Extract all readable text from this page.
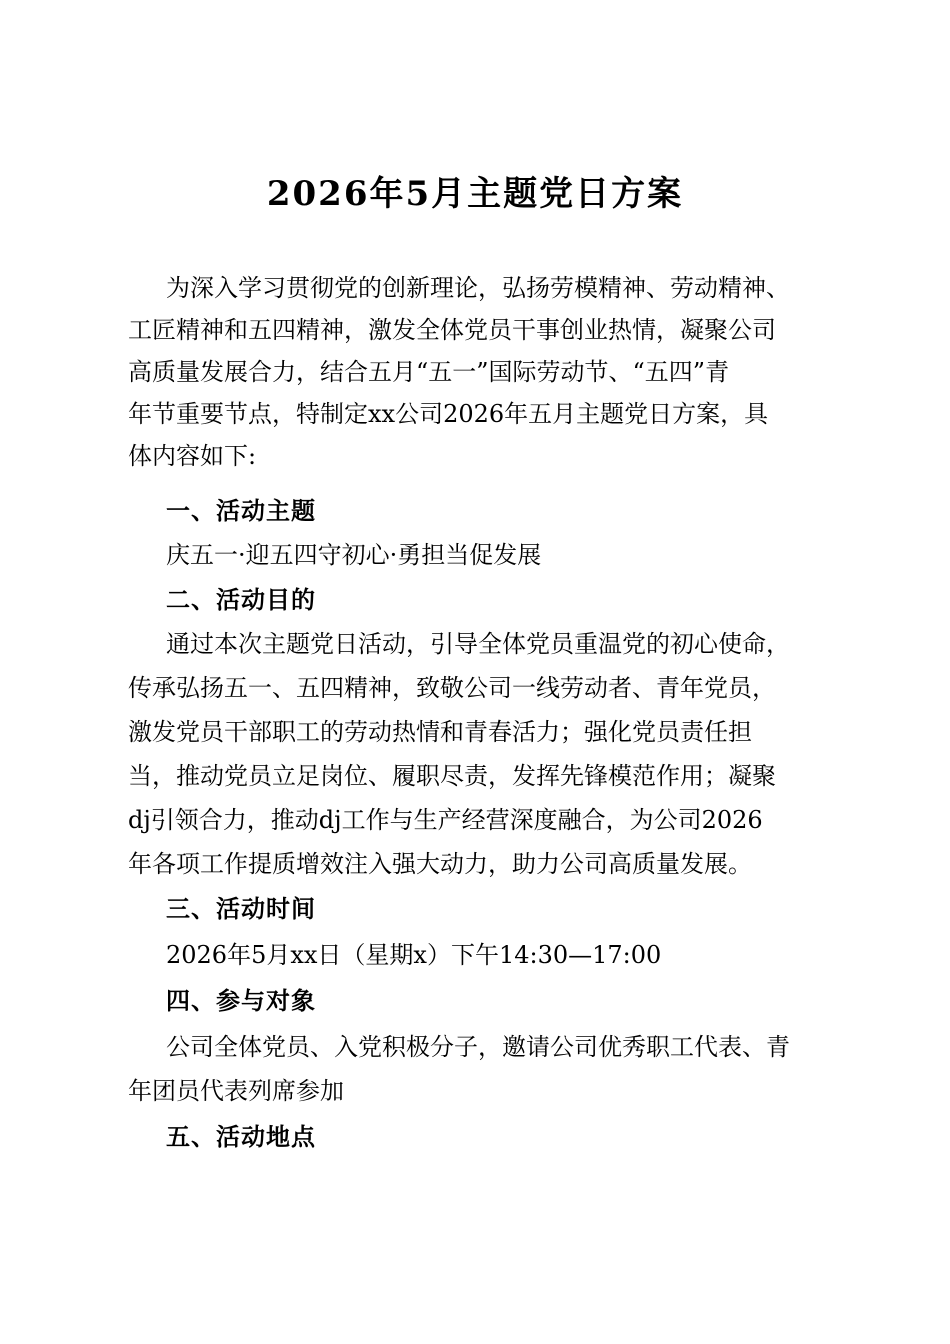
2026年5月主题党日方案
为深入学习贯彻党的创新理论，弘扬劳模精神、劳动精神、
工匠精神和五四精神，激发全体党员干事创业热情，凝聚公司
高质量发展合力，结合五月“五一”国际劳动节、“五四”青
年节重要节点，特制定xx公司2026年五月主题党日方案，具
体内容如下:
一、活动主题
庆五一·迎五四守初心·勇担当促发展
二、活动目的
通过本次主题党日活动，引导全体党员重温党的初心使命，
传承弘扬五一、五四精神，致敬公司一线劳动者、青年党员，
激发党员干部职工的劳动热情和青春活力；强化党员责任担
当，推动党员立足岗位、履职尽责，发挥先锋模范作用；凝聚
dj引领合力，推动dj工作与生产经营深度融合，为公司2026
年各项工作提质增效注入强大动力，助力公司高质量发展。
三、活动时间
2026年5月xx日（星期x）下午14:30—17:00
四、参与对象
公司全体党员、入党积极分子，邀请公司优秀职工代表、青
年团员代表列席参加
五、活动地点
